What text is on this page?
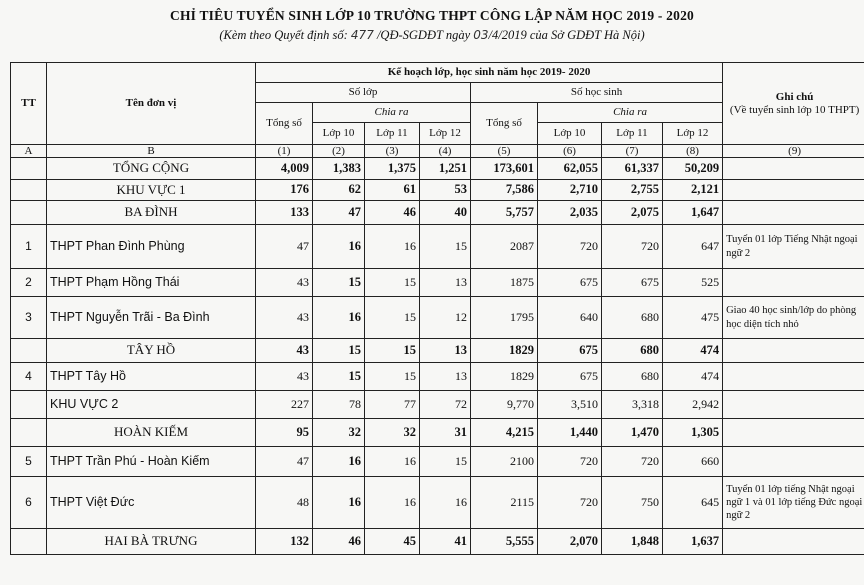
CHỈ TIÊU TUYỂN SINH LỚP 10 TRƯỜNG THPT CÔNG LẬP NĂM HỌC 2019 - 2020
(Kèm theo Quyết định số: 477 /QĐ-SGDĐT ngày 03/4/2019 của Sở GDĐT Hà Nội)
TT	Tên đơn vị	Kế hoạch lớp, học sinh năm học 2019- 2020								Ghi chú
(Về tuyển sinh lớp 10 THPT)

		Số lớp				Số học sinh				
		Tổng số	Chia ra			Tổng số	Chia ra			
			Lớp 10	Lớp 11	Lớp 12		Lớp 10	Lớp 11	Lớp 12	
A	B	(1)	(2)	(3)	(4)	(5)	(6)	(7)	(8)	(9)
	TỔNG CỘNG	4,009	1,383	1,375	1,251	173,601	62,055	61,337	50,209	
	KHU VỰC 1	176	62	61	53	7,586	2,710	2,755	2,121	
	BA ĐÌNH	133	47	46	40	5,757	2,035	2,075	1,647	
1	THPT Phan Đình Phùng	47	16	16	15	2087	720	720	647	Tuyển 01 lớp Tiếng Nhật ngoại ngữ 2
2	THPT Phạm Hồng Thái	43	15	15	13	1875	675	675	525	
3	THPT Nguyễn Trãi - Ba Đình	43	16	15	12	1795	640	680	475	Giao 40 học sinh/lớp do phòng học diện tích nhỏ
	TÂY HỒ	43	15	15	13	1829	675	680	474	
4	THPT Tây Hồ	43	15	15	13	1829	675	680	474	
	KHU VỰC 2	227	78	77	72	9,770	3,510	3,318	2,942	
	HOÀN KIẾM	95	32	32	31	4,215	1,440	1,470	1,305	
5	THPT Trần Phú - Hoàn Kiếm	47	16	16	15	2100	720	720	660	
6	THPT Việt Đức	48	16	16	16	2115	720	750	645	Tuyển 01 lớp tiếng Nhật ngoại ngữ 1 và 01 lớp tiếng Đức ngoại ngữ 2
	HAI BÀ TRƯNG	132	46	45	41	5,555	2,070	1,848	1,637	
